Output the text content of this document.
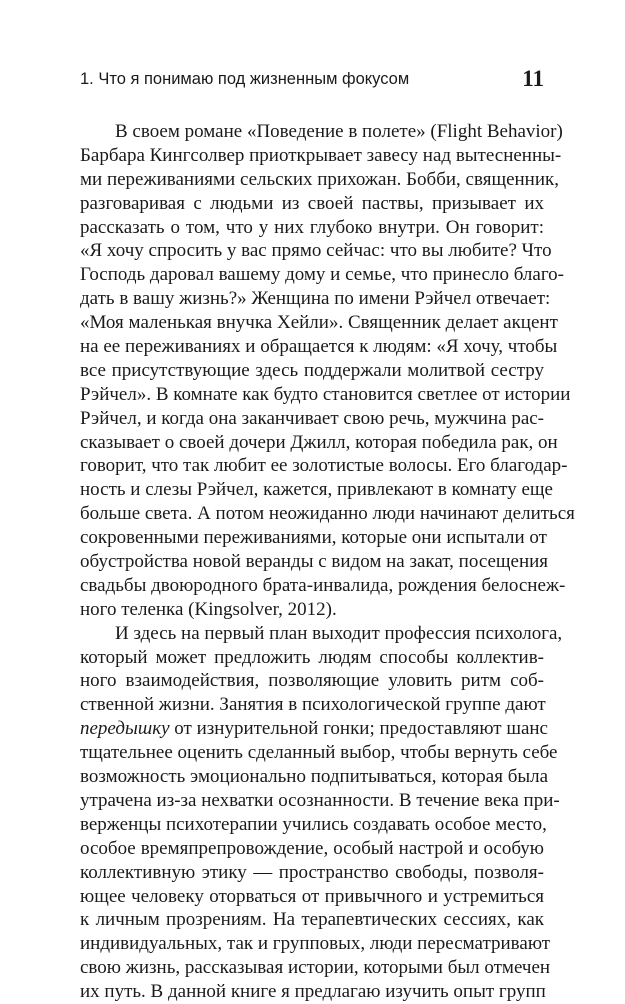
1. Что я понимаю под жизненным фокусом	11
В своем романе «Поведение в полете» (Flight Behavior)
Барбара Кингсолвер приоткрывает завесу над вытесненны-
ми переживаниями сельских прихожан. Бобби, священник,
разговаривая с людьми из своей паствы, призывает их
рассказать о том, что у них глубоко внутри. Он говорит:
«Я хочу спросить у вас прямо сейчас: что вы любите? Что
Господь даровал вашему дому и семье, что принесло благо-
дать в вашу жизнь?» Женщина по имени Рэйчел отвечает:
«Моя маленькая внучка Хейли». Священник делает акцент
на ее переживаниях и обращается к людям: «Я хочу, чтобы
все присутствующие здесь поддержали молитвой сестру
Рэйчел». В комнате как будто становится светлее от истории
Рэйчел, и когда она заканчивает свою речь, мужчина рас-
сказывает о своей дочери Джилл, которая победила рак, он
говорит, что так любит ее золотистые волосы. Его благодар-
ность и слезы Рэйчел, кажется, привлекают в комнату еще
больше света. А потом неожиданно люди начинают делиться
сокровенными переживаниями, которые они испытали от
обустройства новой веранды с видом на закат, посещения
свадьбы двоюродного брата-инвалида, рождения белоснеж-
ного теленка (Kingsolver, 2012).
И здесь на первый план выходит профессия психолога,
который может предложить людям способы коллектив-
ного взаимодействия, позволяющие уловить ритм соб-
ственной жизни. Занятия в психологической группе дают
передышку от изнурительной гонки; предоставляют шанс
тщательнее оценить сделанный выбор, чтобы вернуть себе
возможность эмоционально подпитываться, которая была
утрачена из-за нехватки осознанности. В течение века при-
верженцы психотерапии учились создавать особое место,
особое времяпрепровождение, особый настрой и особую
коллективную этику — пространство свободы, позволя-
ющее человеку оторваться от привычного и устремиться
к личным прозрениям. На терапевтических сессиях, как
индивидуальных, так и групповых, люди пересматривают
свою жизнь, рассказывая истории, которыми был отмечен
их путь. В данной книге я предлагаю изучить опыт групп
